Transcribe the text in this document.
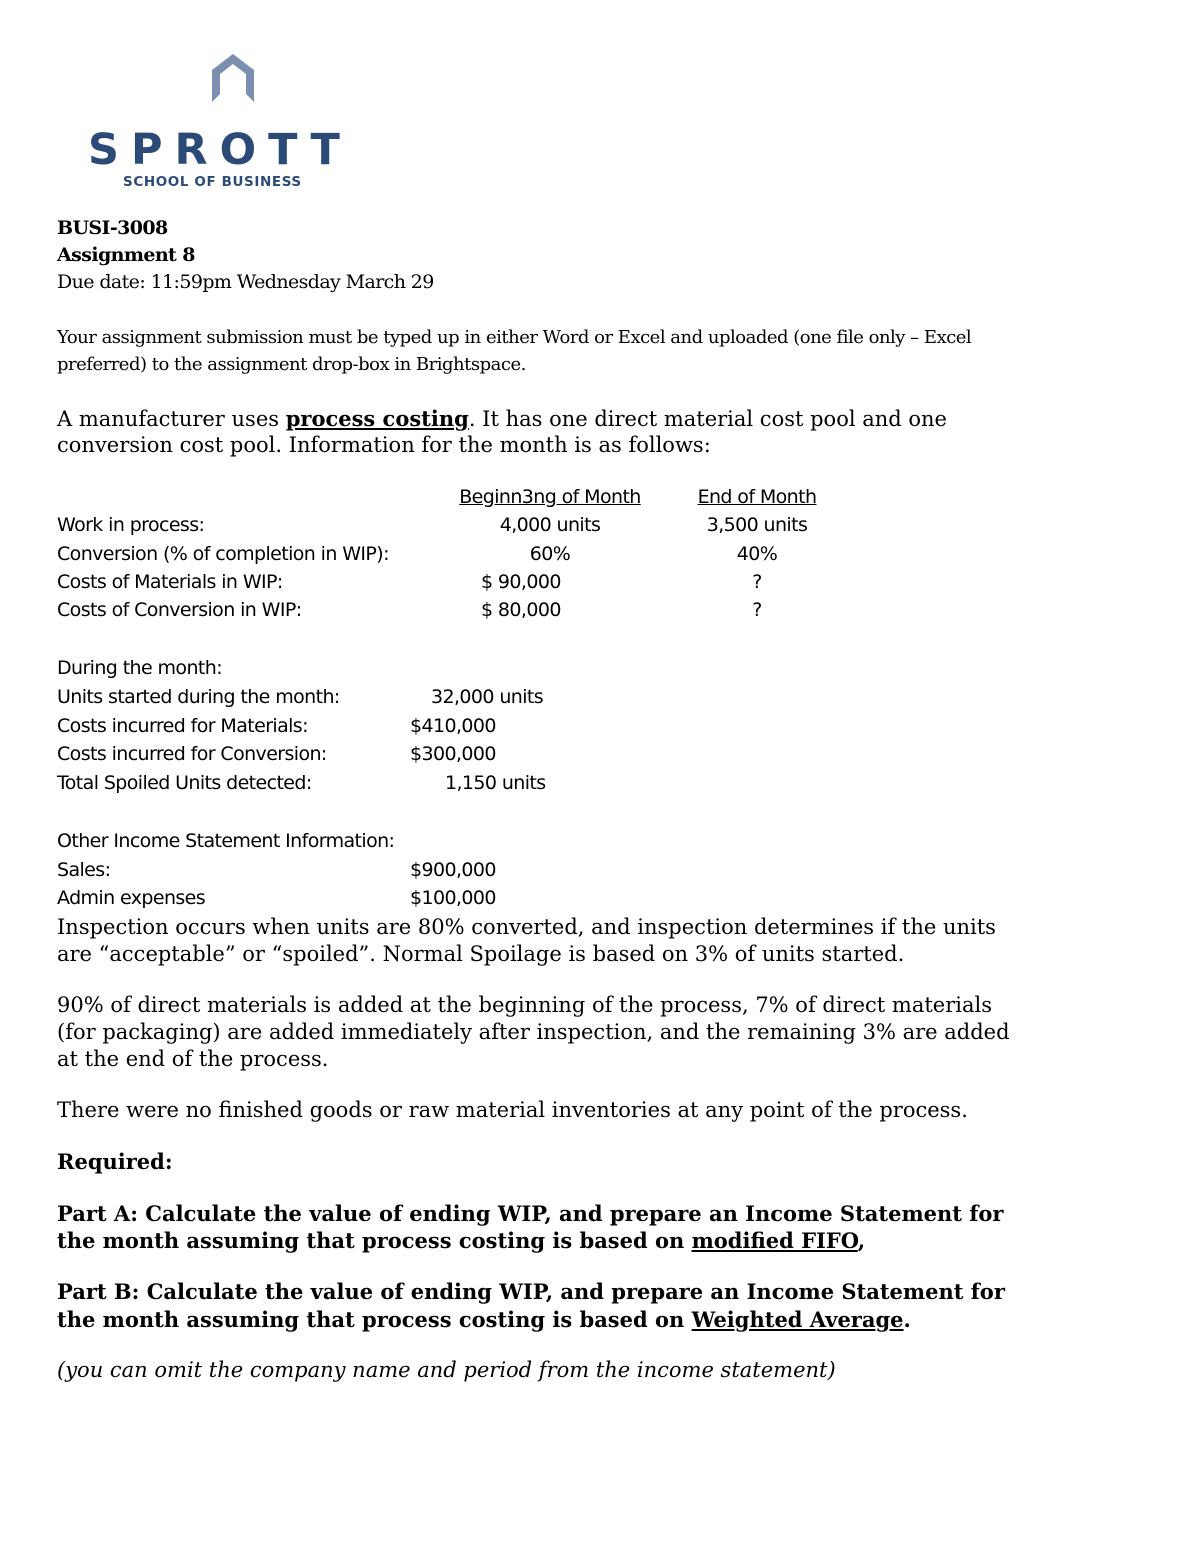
SPROTT
SCHOOL OF BUSINESS
BUSI-3008
Assignment 8
Due date: 11:59pm Wednesday March 29
Your assignment submission must be typed up in either Word or Excel and uploaded (one file only – Excel
preferred) to the assignment drop-box in Brightspace.
A manufacturer uses process costing. It has one direct material cost pool and one
conversion cost pool. Information for the month is as follows:
Beginn3ng of Month	End of Month
Work in process:	4,000 units	3,500 units
Conversion (% of completion in WIP):	60%	40%
Costs of Materials in WIP:	$ 90,000	?
Costs of Conversion in WIP:	$ 80,000	?
During the month:
Units started during the month:	32,000 units
Costs incurred for Materials:	$410,000
Costs incurred for Conversion:	$300,000
Total Spoiled Units detected:	1,150 units
Other Income Statement Information:
Sales:	$900,000
Admin expenses	$100,000
Inspection occurs when units are 80% converted, and inspection determines if the units
are “acceptable” or “spoiled”. Normal Spoilage is based on 3% of units started.
90% of direct materials is added at the beginning of the process, 7% of direct materials
(for packaging) are added immediately after inspection, and the remaining 3% are added
at the end of the process.
There were no finished goods or raw material inventories at any point of the process.
Required:
Part A: Calculate the value of ending WIP, and prepare an Income Statement for
the month assuming that process costing is based on modified FIFO,
Part B: Calculate the value of ending WIP, and prepare an Income Statement for
the month assuming that process costing is based on Weighted Average.
(you can omit the company name and period from the income statement)
